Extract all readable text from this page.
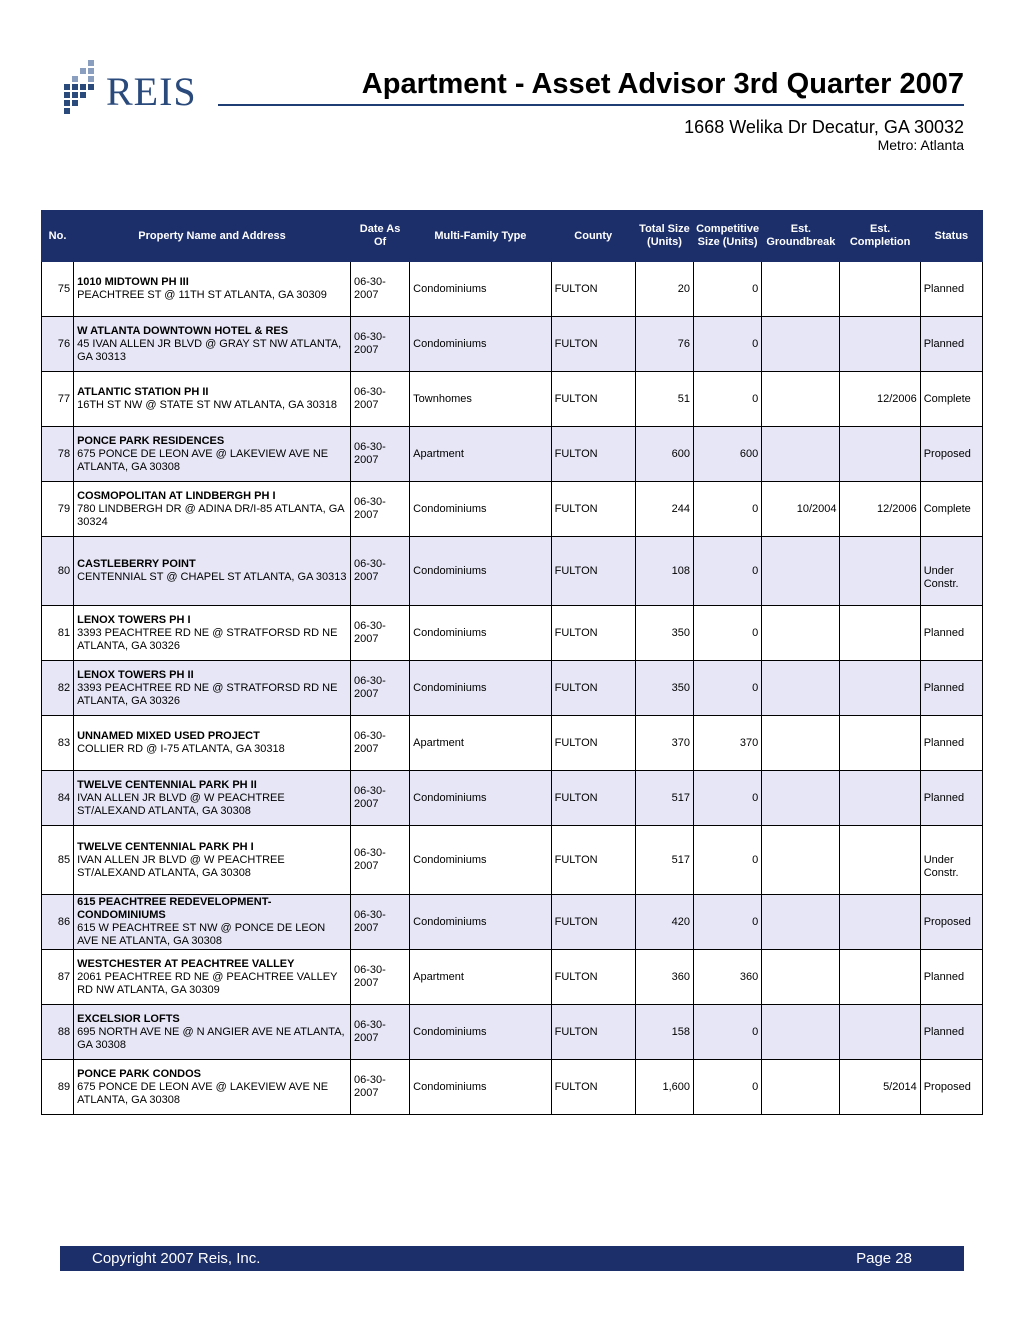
REIS	Apartment - Asset Advisor 3rd Quarter 2007
1668 Welika Dr Decatur, GA 30032
Metro: Atlanta
No.	Property Name and Address	Date As Of	Multi-Family Type	County	Total Size (Units)	Competitive Size (Units)	Est. Groundbreak	Est. Completion	Status
75	1010 MIDTOWN PH III
PEACHTREE ST @ 11TH ST ATLANTA, GA 30309	06-30-2007	Condominiums	FULTON	20	0			Planned
76	W ATLANTA DOWNTOWN HOTEL & RES
45 IVAN ALLEN JR BLVD @ GRAY ST NW ATLANTA, GA 30313	06-30-2007	Condominiums	FULTON	76	0			Planned
77	ATLANTIC STATION PH II
16TH ST NW @ STATE ST NW ATLANTA, GA 30318	06-30-2007	Townhomes	FULTON	51	0		12/2006	Complete
78	PONCE PARK RESIDENCES
675 PONCE DE LEON AVE @ LAKEVIEW AVE NE ATLANTA, GA 30308	06-30-2007	Apartment	FULTON	600	600			Proposed
79	COSMOPOLITAN AT LINDBERGH PH I
780 LINDBERGH DR @ ADINA DR/I-85 ATLANTA, GA 30324	06-30-2007	Condominiums	FULTON	244	0	10/2004	12/2006	Complete
80	CASTLEBERRY POINT
CENTENNIAL ST @ CHAPEL ST ATLANTA, GA 30313	06-30-2007	Condominiums	FULTON	108	0			Under Constr.
81	LENOX TOWERS PH I
3393 PEACHTREE RD NE @ STRATFORSD RD NE ATLANTA, GA 30326	06-30-2007	Condominiums	FULTON	350	0			Planned
82	LENOX TOWERS PH II
3393 PEACHTREE RD NE @ STRATFORSD RD NE ATLANTA, GA 30326	06-30-2007	Condominiums	FULTON	350	0			Planned
83	UNNAMED MIXED USED PROJECT
COLLIER RD @ I-75 ATLANTA, GA 30318	06-30-2007	Apartment	FULTON	370	370			Planned
84	TWELVE CENTENNIAL PARK PH II
IVAN ALLEN JR BLVD @ W PEACHTREE ST/ALEXAND ATLANTA, GA 30308	06-30-2007	Condominiums	FULTON	517	0			Planned
85	TWELVE CENTENNIAL PARK PH I
IVAN ALLEN JR BLVD @ W PEACHTREE ST/ALEXAND ATLANTA, GA 30308	06-30-2007	Condominiums	FULTON	517	0			Under Constr.
86	615 PEACHTREE REDEVELOPMENT-CONDOMINIUMS
615 W PEACHTREE ST NW @ PONCE DE LEON AVE NE ATLANTA, GA 30308	06-30-2007	Condominiums	FULTON	420	0			Proposed
87	WESTCHESTER AT PEACHTREE VALLEY
2061 PEACHTREE RD NE @ PEACHTREE VALLEY RD NW ATLANTA, GA 30309	06-30-2007	Apartment	FULTON	360	360			Planned
88	EXCELSIOR LOFTS
695 NORTH AVE NE @ N ANGIER AVE NE ATLANTA, GA 30308	06-30-2007	Condominiums	FULTON	158	0			Planned
89	PONCE PARK CONDOS
675 PONCE DE LEON AVE @ LAKEVIEW AVE NE ATLANTA, GA 30308	06-30-2007	Condominiums	FULTON	1,600	0		5/2014	Proposed
Copyright 2007 Reis, Inc.	Page 28
